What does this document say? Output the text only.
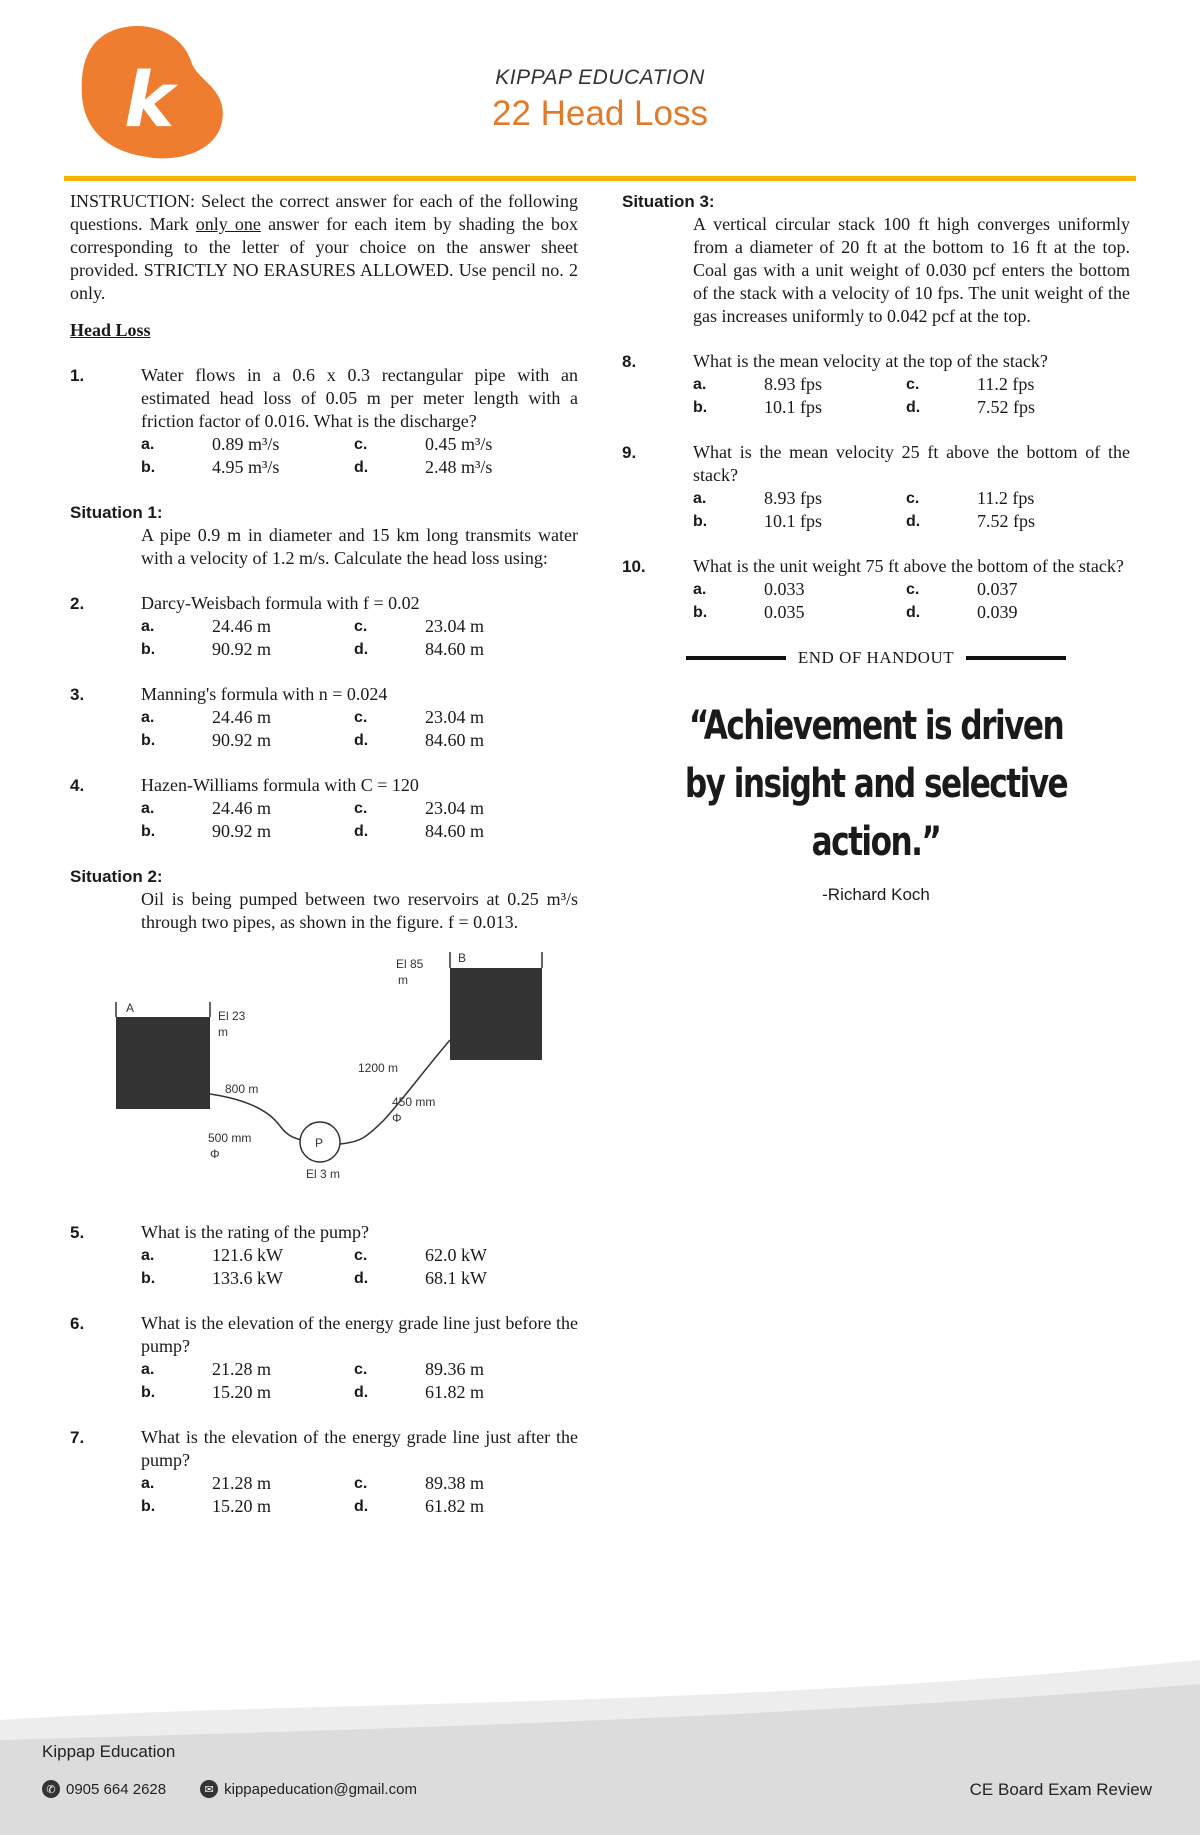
k	KIPPAP EDUCATION
22 Head Loss

INSTRUCTION: Select the correct answer for each of the following questions. Mark only one answer for each item by shading the box corresponding to the letter of your choice on the answer sheet provided. STRICTLY NO ERASURES ALLOWED. Use pencil no. 2 only.

Head Loss
1.	Water flows in a 0.6 x 0.3 rectangular pipe with an estimated head loss of 0.05 m per meter length with a friction factor of 0.016. What is the discharge?
a.	0.89 m³/s	c.	0.45 m³/s
b.	4.95 m³/s	d.	2.48 m³/s
Situation 1:
A pipe 0.9 m in diameter and 15 km long transmits water with a velocity of 1.2 m/s. Calculate the head loss using:
2.	Darcy-Weisbach formula with f = 0.02
a.	24.46 m	c.	23.04 m
b.	90.92 m	d.	84.60 m
3.	Manning's formula with n = 0.024
a.	24.46 m	c.	23.04 m
b.	90.92 m	d.	84.60 m
4.	Hazen-Williams formula with C = 120
a.	24.46 m	c.	23.04 m
b.	90.92 m	d.	84.60 m
Situation 2:
Oil is being pumped between two reservoirs at 0.25 m³/s through two pipes, as shown in the figure. f = 0.013.
A
El 23
m
B
El 85
m
P
El 3 m
800 m
500 mm
Φ
1200 m
450 mm
Φ
5.	What is the rating of the pump?
a.	121.6 kW	c.	62.0 kW
b.	133.6 kW	d.	68.1 kW
6.	What is the elevation of the energy grade line just before the pump?
a.	21.28 m	c.	89.36 m
b.	15.20 m	d.	61.82 m
7.	What is the elevation of the energy grade line just after the pump?
a.	21.28 m	c.	89.38 m
b.	15.20 m	d.	61.82 m
Situation 3:
A vertical circular stack 100 ft high converges uniformly from a diameter of 20 ft at the bottom to 16 ft at the top. Coal gas with a unit weight of 0.030 pcf enters the bottom of the stack with a velocity of 10 fps. The unit weight of the gas increases uniformly to 0.042 pcf at the top.
8.	What is the mean velocity at the top of the stack?
a.	8.93 fps	c.	11.2 fps
b.	10.1 fps	d.	7.52 fps
9.	What is the mean velocity 25 ft above the bottom of the stack?
a.	8.93 fps	c.	11.2 fps
b.	10.1 fps	d.	7.52 fps
10.	What is the unit weight 75 ft above the bottom of the stack?
a.	0.033	c.	0.037
b.	0.035	d.	0.039
END OF HANDOUT
“Achievement is driven by insight and selective action.”
-Richard Koch
Kippap Education
✆ 0905 664 2628	✉ kippapeducation@gmail.com	CE Board Exam Review
